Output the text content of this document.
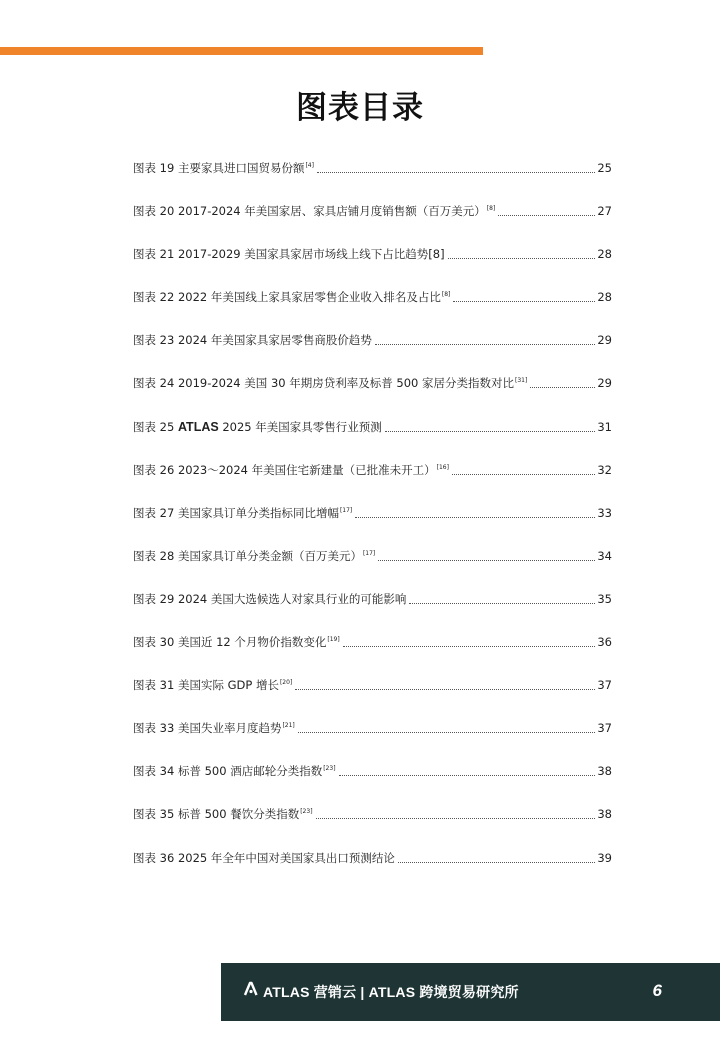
图表目录
图表 19 主要家具进口国贸易份额[4]	25
图表 20 2017-2024 年美国家居、家具店铺月度销售额（百万美元）[8]	27
图表 21 2017-2029 美国家具家居市场线上线下占比趋势[8]	28
图表 22 2022 年美国线上家具家居零售企业收入排名及占比[8]	28
图表 23 2024 年美国家具家居零售商股价趋势	29
图表 24 2019-2024 美国 30 年期房贷利率及标普 500 家居分类指数对比[31]	29
图表 25 ATLAS 2025 年美国家具零售行业预测	31
图表 26 2023～2024 年美国住宅新建量（已批准未开工）[16]	32
图表 27 美国家具订单分类指标同比增幅[17]	33
图表 28 美国家具订单分类金额（百万美元）[17]	34
图表 29 2024 美国大选候选人对家具行业的可能影响	35
图表 30 美国近 12 个月物价指数变化[19]	36
图表 31 美国实际 GDP 增长[20]	37
图表 33 美国失业率月度趋势[21]	37
图表 34 标普 500 酒店邮轮分类指数[23]	38
图表 35 标普 500 餐饮分类指数[23]	38
图表 36 2025 年全年中国对美国家具出口预测结论	39
ATLAS 营销云 | ATLAS 跨境贸易研究所	6
